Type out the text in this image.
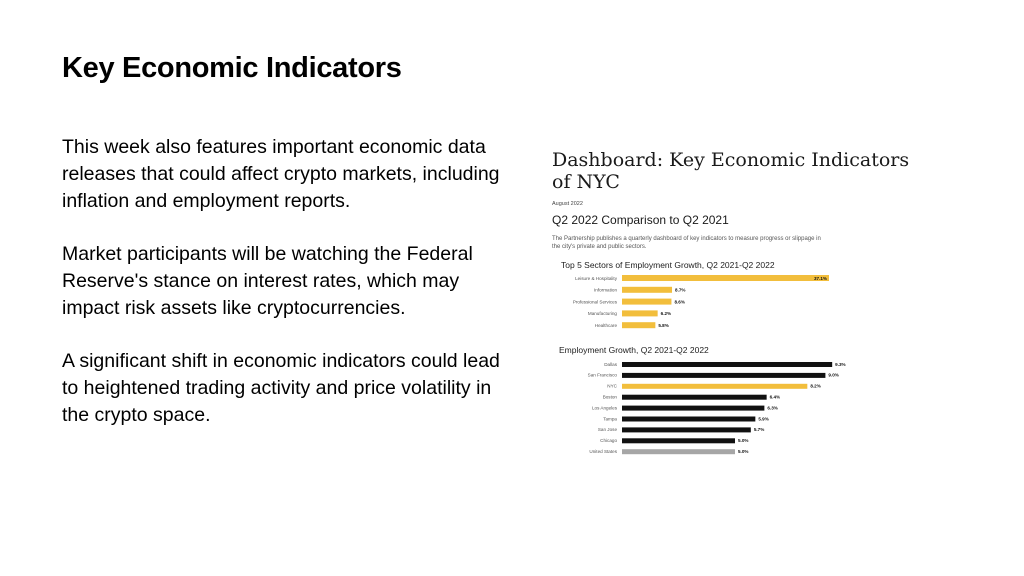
Key Economic Indicators

This week also features important economic data releases that could affect crypto markets, including inflation and employment reports.

Market participants will be watching the Federal Reserve's stance on interest rates, which may impact risk assets like cryptocurrencies.

A significant shift in economic indicators could lead to heightened trading activity and price volatility in the crypto space.

Dashboard: Key Economic Indicators of NYC
August 2022
Q2 2022 Comparison to Q2 2021
The Partnership publishes a quarterly dashboard of key indicators to measure progress or slippage in the city's private and public sectors.
Top 5 Sectors of Employment Growth, Q2 2021-Q2 2022
Leisure & Hospitality	37.1%
Information	8.7%
Professional Services	8.6%
Manufacturing	6.2%
Healthcare	5.8%
Employment Growth, Q2 2021-Q2 2022
Dallas	9.3%
San Francisco	9.0%
NYC	8.2%
Boston	6.4%
Los Angeles	6.3%
Tampa	5.9%
San Jose	5.7%
Chicago	5.0%
United States	5.0%
